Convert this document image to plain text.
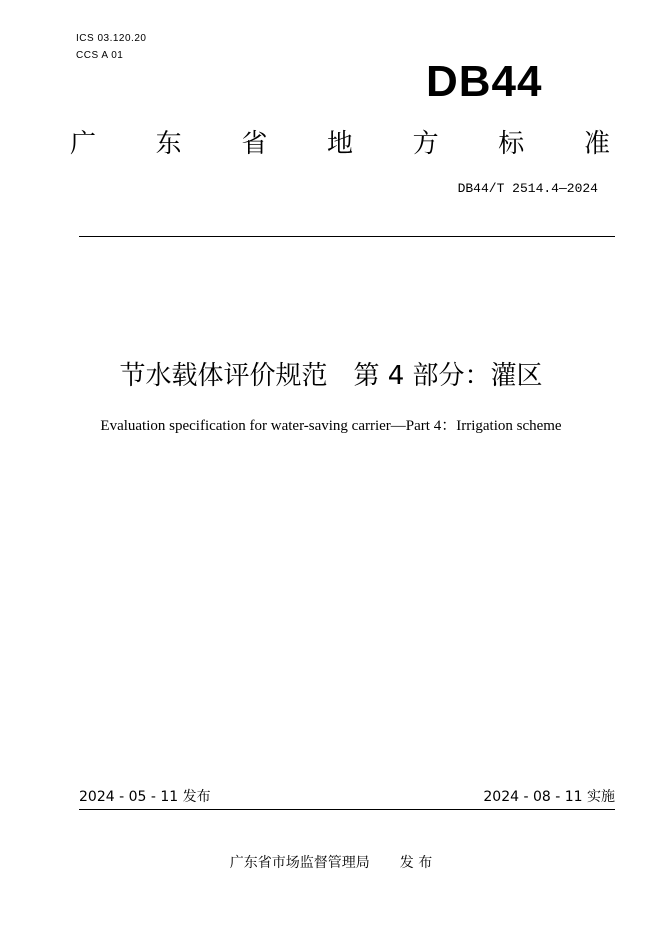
ICS 03.120.20
CCS A 01
DB44
广 东 省 地 方 标 准
DB44/T 2514.4—2024
节水载体评价规范　第 4 部分：灌区
Evaluation specification for water-saving carrier—Part 4：Irrigation scheme
2024 - 05 - 11 发布	2024 - 08 - 11 实施
广东省市场监督管理局 发 布
